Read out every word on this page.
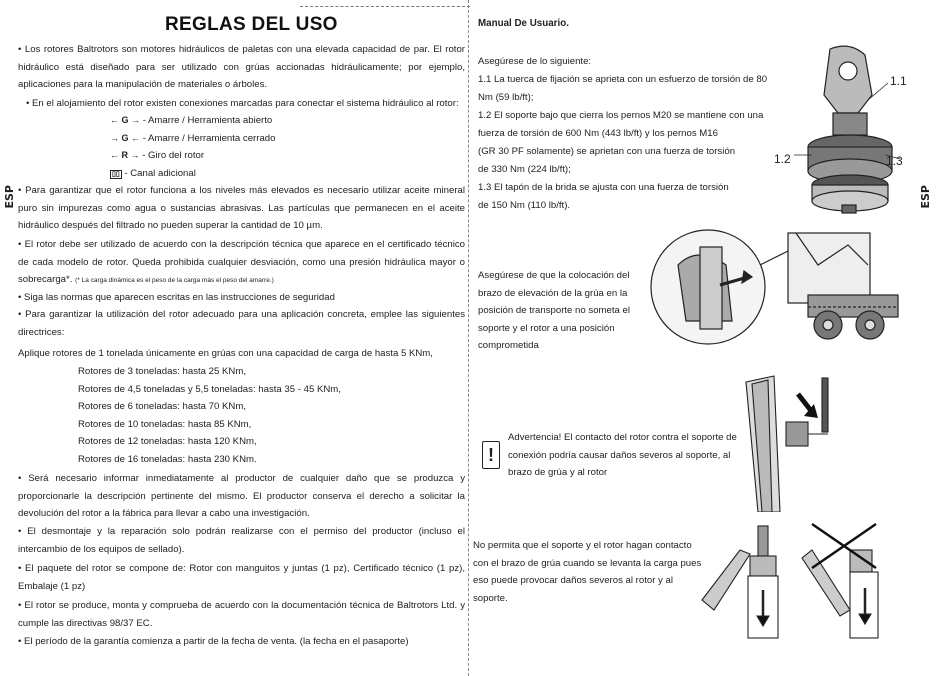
REGLAS DEL USO
• Los rotores Baltrotors son motores hidráulicos de paletas con una elevada capacidad de par. El rotor hidráulico está diseñado para ser utilizado con grúas accionadas hidráulicamente; por ejemplo, aplicaciones para la manipulación de materiales o árboles.
• En el alojamiento del rotor existen conexiones marcadas para conectar el sistema hidráulico al rotor:
← G → - Amarre / Herramienta abierto
→ G ← - Amarre / Herramienta cerrado
← R → - Giro del rotor
▯▯ - Canal adicional
• Para garantizar que el rotor funciona a los niveles más elevados es necesario utilizar aceite mineral puro sin impurezas como agua o sustancias abrasivas. Las partículas que permanecen en el aceite hidráulico después del filtrado no pueden superar la cantidad de 10 µm.
• El rotor debe ser utilizado de acuerdo con la descripción técnica que aparece en el certificado técnico de cada modelo de rotor. Queda prohibida cualquier desviación, como una presión hidráulica mayor o sobrecarga*. (* La carga dinámica es el peso de la carga más el peso del amarre.)
• Siga las normas que aparecen escritas en las instrucciones de seguridad
• Para garantizar la utilización del rotor adecuado para una aplicación concreta, emplee las siguientes directrices:
Aplique rotores de 1 tonelada únicamente en grúas con una capacidad de carga de hasta 5 KNm,
Rotores de 3 toneladas: hasta 25 KNm,
Rotores de 4,5 toneladas y 5,5 toneladas: hasta 35 - 45 KNm,
Rotores de 6 toneladas: hasta 70 KNm,
Rotores de 10 toneladas: hasta 85 KNm,
Rotores de 12 toneladas: hasta 120 KNm,
Rotores de 16 toneladas: hasta 230 KNm.
• Será necesario informar inmediatamente al productor de cualquier daño que se produzca y proporcionarle la descripción pertinente del mismo. El productor conserva el derecho a solicitar la devolución del rotor a la fábrica para llevar a cabo una investigación.
• El desmontaje y la reparación solo podrán realizarse con el permiso del productor (incluso el intercambio de los equipos de sellado).
• El paquete del rotor se compone de: Rotor con manguitos y juntas (1 pz), Certificado técnico (1 pz), Embalaje (1 pz)
• El rotor se produce, monta y comprueba de acuerdo con la documentación técnica de Baltrotors Ltd. y cumple las directivas 98/37 EC.
• El período de la garantía comienza a partir de la fecha de venta. (la fecha en el pasaporte)
ESP	ESP
Manual De Usuario.
Asegúrese de lo siguiente:
1.1 La tuerca de fijación se aprieta con un esfuerzo de torsión de 80 Nm (59 lb/ft);
1.2 El soporte bajo que cierra los pernos M20 se mantiene con una fuerza de torsión de 600 Nm (443 lb/ft) y los pernos M16
(GR 30 PF solamente) se aprietan con una fuerza de torsión de 330 Nm (224 lb/ft);
1.3 El tapón de la brida se ajusta con una fuerza de torsión de 150 Nm (110 lb/ft).
Asegúrese de que la colocación del brazo de elevación de la grúa en la posición de transporte no someta el soporte y el rotor a una posición comprometida
!
Advertencia! El contacto del rotor contra el soporte de conexión podría causar daños severos al soporte, al brazo de grúa y al rotor
No permita que el soporte y el rotor hagan contacto con el brazo de grúa cuando se levanta la carga pues eso puede provocar daños severos al rotor y al soporte.
1.1
1.2	1.3
